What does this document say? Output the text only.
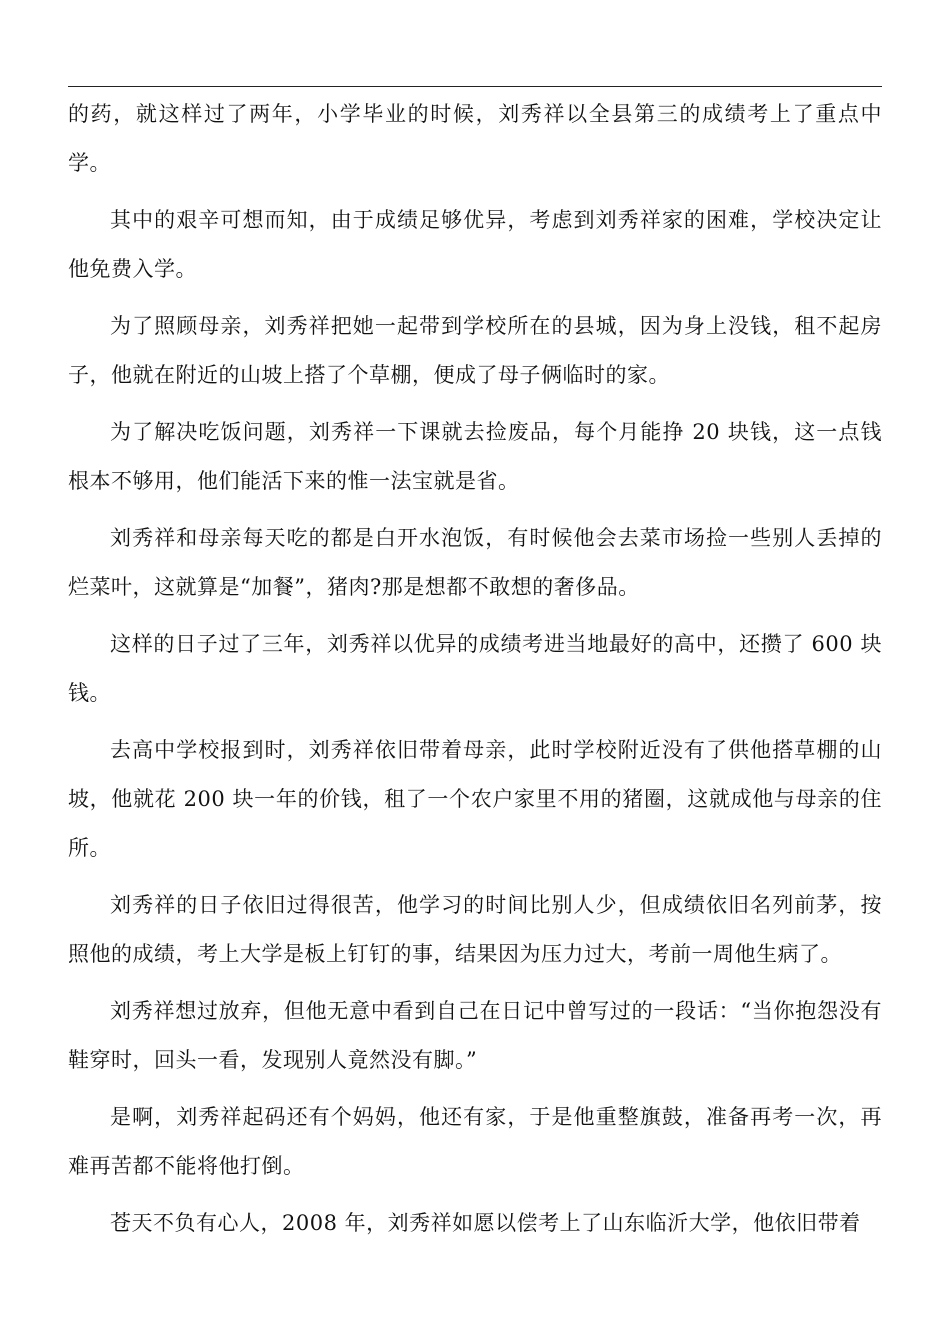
的药，就这样过了两年，小学毕业的时候，刘秀祥以全县第三的成绩考上了重点中学。

其中的艰辛可想而知，由于成绩足够优异，考虑到刘秀祥家的困难，学校决定让他免费入学。

为了照顾母亲，刘秀祥把她一起带到学校所在的县城，因为身上没钱，租不起房子，他就在附近的山坡上搭了个草棚，便成了母子俩临时的家。

为了解决吃饭问题，刘秀祥一下课就去捡废品，每个月能挣 20 块钱，这一点钱根本不够用，他们能活下来的惟一法宝就是省。

刘秀祥和母亲每天吃的都是白开水泡饭，有时候他会去菜市场捡一些别人丢掉的烂菜叶，这就算是“加餐”，猪肉?那是想都不敢想的奢侈品。

这样的日子过了三年，刘秀祥以优异的成绩考进当地最好的高中，还攒了 600 块钱。

去高中学校报到时，刘秀祥依旧带着母亲，此时学校附近没有了供他搭草棚的山坡，他就花 200 块一年的价钱，租了一个农户家里不用的猪圈，这就成他与母亲的住所。

刘秀祥的日子依旧过得很苦，他学习的时间比别人少，但成绩依旧名列前茅，按照他的成绩，考上大学是板上钉钉的事，结果因为压力过大，考前一周他生病了。

刘秀祥想过放弃，但他无意中看到自己在日记中曾写过的一段话：“当你抱怨没有鞋穿时，回头一看，发现别人竟然没有脚。”

是啊，刘秀祥起码还有个妈妈，他还有家，于是他重整旗鼓，准备再考一次，再难再苦都不能将他打倒。

苍天不负有心人，2008 年，刘秀祥如愿以偿考上了山东临沂大学，他依旧带着
